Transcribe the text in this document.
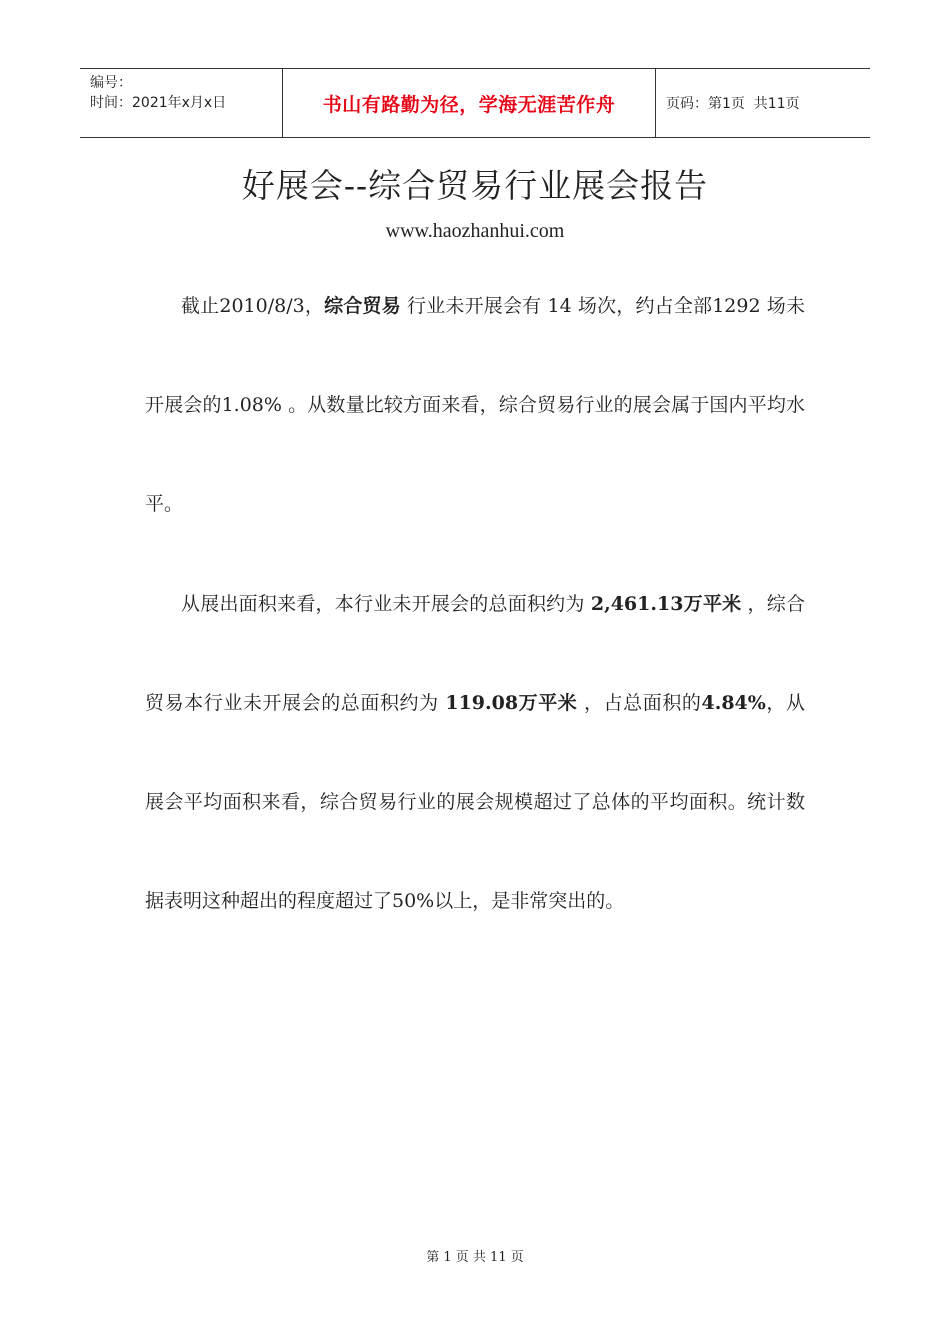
编号：
时间：2021年x月x日	书山有路勤为径，学海无涯苦作舟	页码：第1页  共11页
好展会--综合贸易行业展会报告
www.haozhanhui.com

截止2010/8/3，综合贸易 行业未开展会有 14 场次，约占全部1292 场未开展会的1.08% 。从数量比较方面来看，综合贸易行业的展会属于国内平均水平。

从展出面积来看，本行业未开展会的总面积约为 2,461.13万平米 ，综合贸易本行业未开展会的总面积约为 119.08万平米 ，占总面积的4.84%，从展会平均面积来看，综合贸易行业的展会规模超过了总体的平均面积。统计数据表明这种超出的程度超过了50%以上，是非常突出的。

第 1 页 共 11 页
